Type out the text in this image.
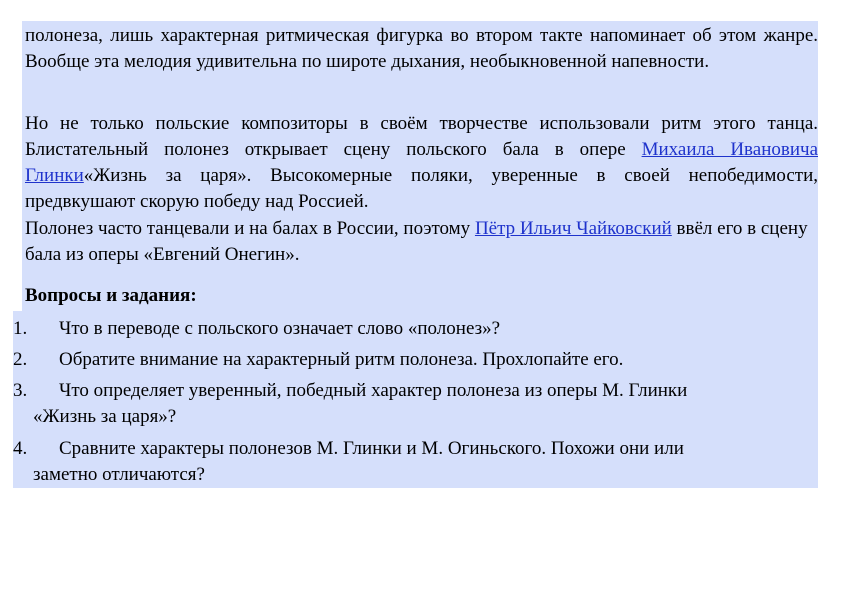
полонеза, лишь характерная ритмическая фигурка во втором такте напоминает об этом жанре. Вообще эта мелодия удивительна по широте дыхания, необыкновенной напевности.

Но не только польские композиторы в своём творчестве использовали ритм этого танца. Блистательный полонез открывает сцену польского бала в опере Михаила Ивановича Глинки«Жизнь за царя». Высокомерные поляки, уверенные в своей непобедимости, предвкушают скорую победу над Россией.

Полонез часто танцевали и на балах в России, поэтому Пётр Ильич Чайковский ввёл его в сцену бала из оперы «Евгений Онегин».

Вопросы и задания:

1.	Что в переводе с польского означает слово «полонез»?
2.	Обратите внимание на характерный ритм полонеза. Прохлопайте его.
3.	Что определяет уверенный, победный характер полонеза из оперы М. Глинки
«Жизнь за царя»?
4.	Сравните характеры полонезов М. Глинки и М. Огиньского. Похожи они или
заметно отличаются?
